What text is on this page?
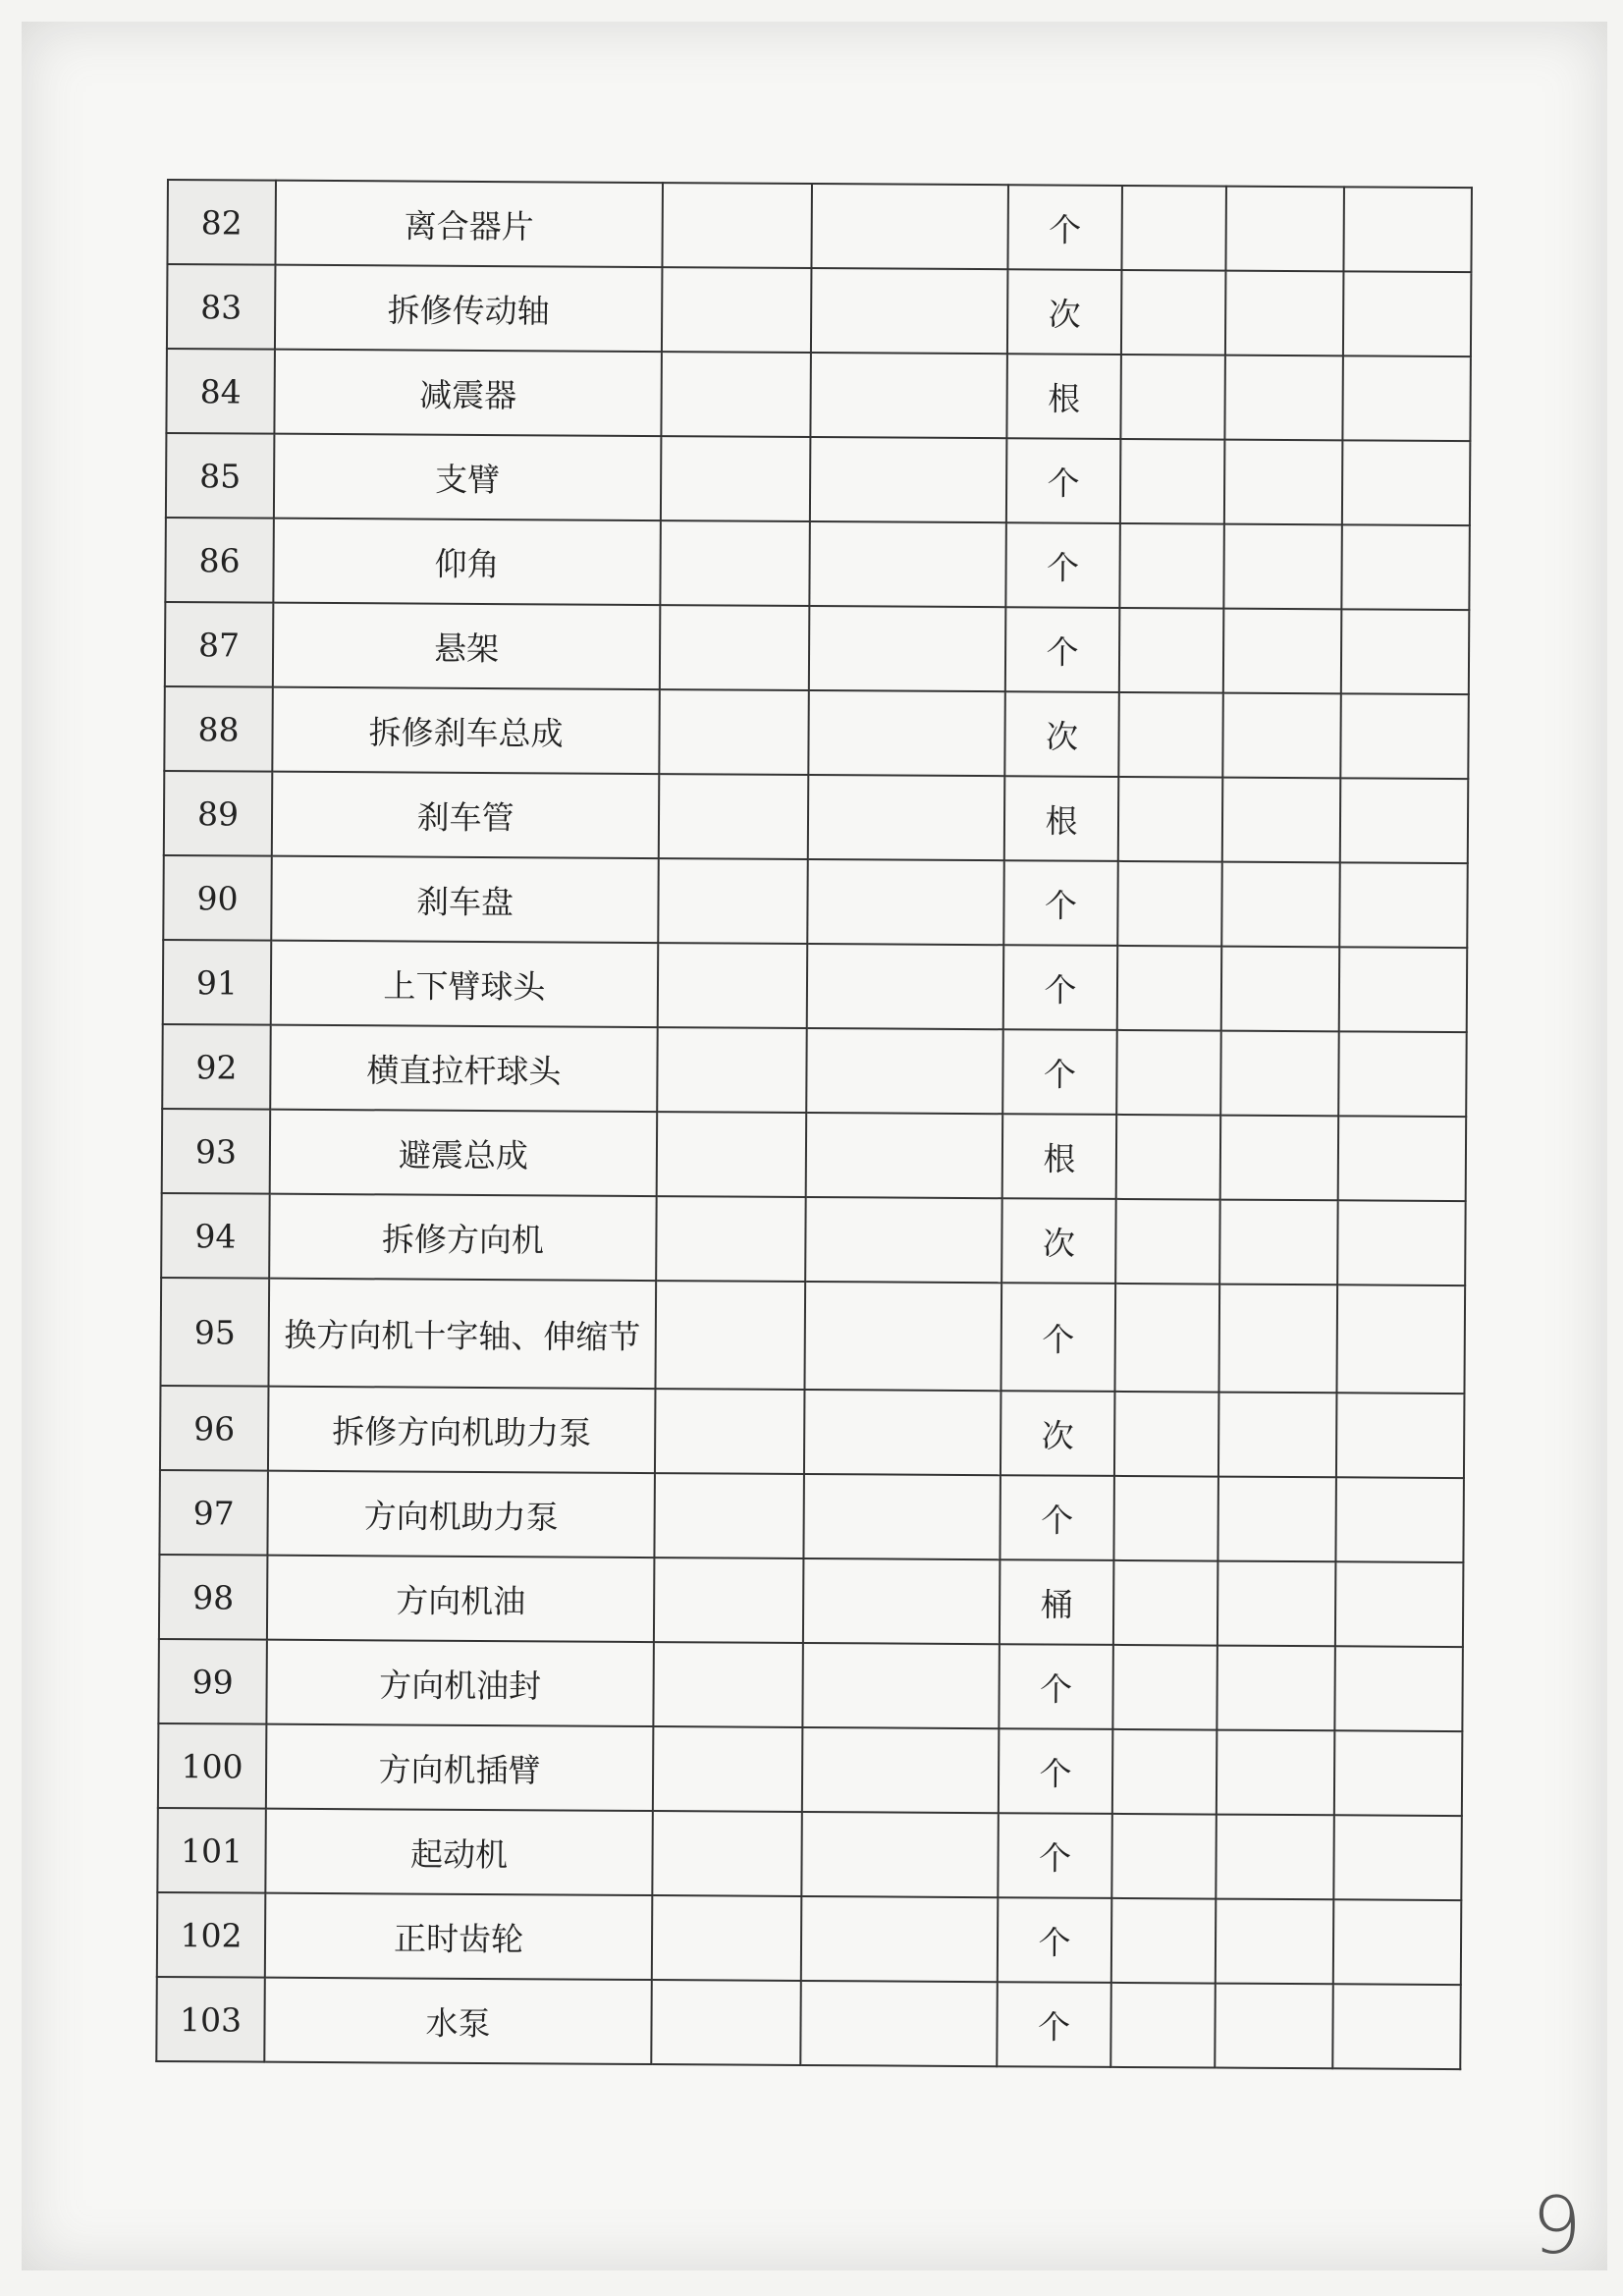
82	离合器片			个			
83	拆修传动轴			次			
84	减震器			根			
85	支臂			个			
86	仰角			个			
87	悬架			个			
88	拆修刹车总成			次			
89	刹车管			根			
90	刹车盘			个			
91	上下臂球头			个			
92	横直拉杆球头			个			
93	避震总成			根			
94	拆修方向机			次			
95	换方向机十字轴、伸缩节			个			
96	拆修方向机助力泵			次			
97	方向机助力泵			个			
98	方向机油			桶			
99	方向机油封			个			
100	方向机插臂			个			
101	起动机			个			
102	正时齿轮			个			
103	水泵			个			
9
